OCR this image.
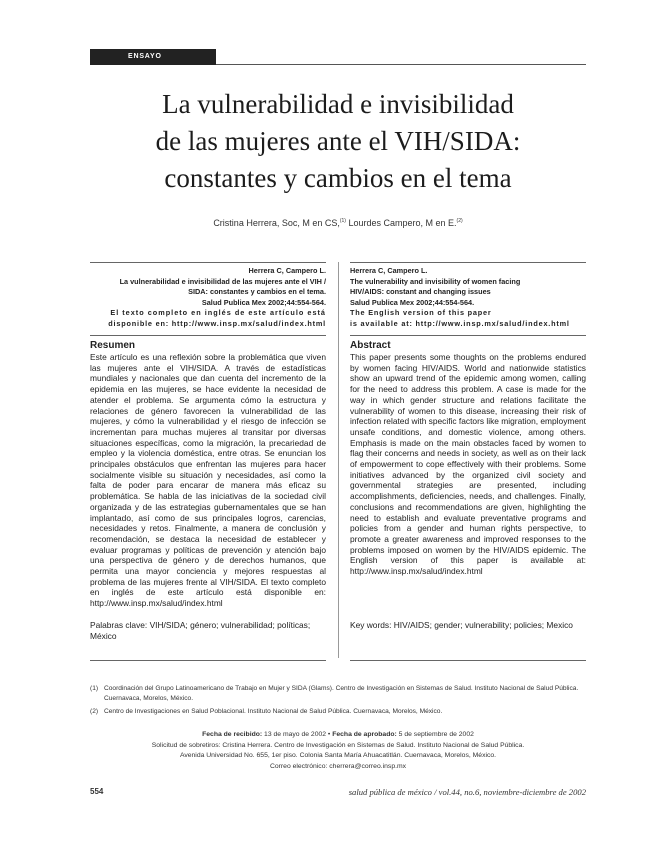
ENSAYO
La vulnerabilidad e invisibilidad
de las mujeres ante el VIH/SIDA:
constantes y cambios en el tema
Cristina Herrera, Soc, M en CS,$^{(1)}$ Lourdes Campero, M en E.$^{(2)}$
Herrera C, Campero L.
La vulnerabilidad e invisibilidad de las mujeres ante el VIH /
SIDA: constantes y cambios en el tema.
Salud Publica Mex 2002;44:554-564.
El texto completo en inglés de este artículo está
disponible en: http://www.insp.mx/salud/index.html
Herrera C, Campero L.
The vulnerability and invisibility of women facing
HIV/AIDS: constant and changing issues
Salud Publica Mex 2002;44:554-564.
The English version of this paper
is available at: http://www.insp.mx/salud/index.html
Resumen	Abstract
Este artículo es una reflexión sobre la problemática que viven las mujeres ante el VIH/SIDA. A través de estadísticas mundiales y nacionales que dan cuenta del incremento de la epidemia en las mujeres, se hace evidente la necesidad de atender el problema. Se argumenta cómo la estructura y relaciones de género favorecen la vulnerabilidad de las mujeres, y cómo la vulnerabilidad y el riesgo de infección se incrementan para muchas mujeres al transitar por diversas situaciones específicas, como la migración, la precariedad de empleo y la violencia doméstica, entre otras. Se enuncian los principales obstáculos que enfrentan las mujeres para hacer socialmente visible su situación y necesidades, así como la falta de poder para encarar de manera más eficaz su problemática. Se habla de las iniciativas de la sociedad civil organizada y de las estrategias gubernamentales que se han implantado, así como de sus principales logros, carencias, necesidades y retos. Finalmente, a manera de conclusión y recomendación, se destaca la necesidad de establecer y evaluar programas y políticas de prevención y atención bajo una perspectiva de género y de derechos humanos, que permita una mayor conciencia y mejores respuestas al problema de las mujeres frente al VIH/SIDA. El texto completo en inglés de este artículo está disponible en: http://www.insp.mx/salud/index.html
This paper presents some thoughts on the problems endured by women facing HIV/AIDS. World and nationwide statistics show an upward trend of the epidemic among women, calling for the need to address this problem. A case is made for the way in which gender structure and relations facilitate the vulnerability of women to this disease, increasing their risk of infection related with specific factors like migration, employment unsafe conditions, and domestic violence, among others. Emphasis is made on the main obstacles faced by women to flag their concerns and needs in society, as well as on their lack of empowerment to cope effectively with their problems. Some initiatives advanced by the organized civil society and governmental strategies are presented, including accomplishments, deficiencies, needs, and challenges. Finally, conclusions and recommendations are given, highlighting the need to establish and evaluate preventative programs and policies from a gender and human rights perspective, to promote a greater awareness and improved responses to the problems imposed on women by the HIV/AIDS epidemic. The English version of this paper is available at: http://www.insp.mx/salud/index.html
Palabras clave: VIH/SIDA; género; vulnerabilidad; políticas; México
Key words: HIV/AIDS; gender; vulnerability; policies; Mexico
(1) Coordinación del Grupo Latinoamericano de Trabajo en Mujer y SIDA (Glams). Centro de Investigación en Sistemas de Salud. Instituto Nacional de Salud Pública. Cuernavaca, Morelos, México.
(2) Centro de Investigaciones en Salud Poblacional. Instituto Nacional de Salud Pública. Cuernavaca, Morelos, México.
Fecha de recibido: 13 de mayo de 2002 • Fecha de aprobado: 5 de septiembre de 2002
Solicitud de sobretiros: Cristina Herrera. Centro de Investigación en Sistemas de Salud. Instituto Nacional de Salud Pública.
Avenida Universidad No. 655, 1er piso. Colonia Santa María Ahuacatitlán. Cuernavaca, Morelos, México.
Correo electrónico: cherrera@correo.insp.mx
554	salud pública de méxico / vol.44, no.6, noviembre-diciembre de 2002
